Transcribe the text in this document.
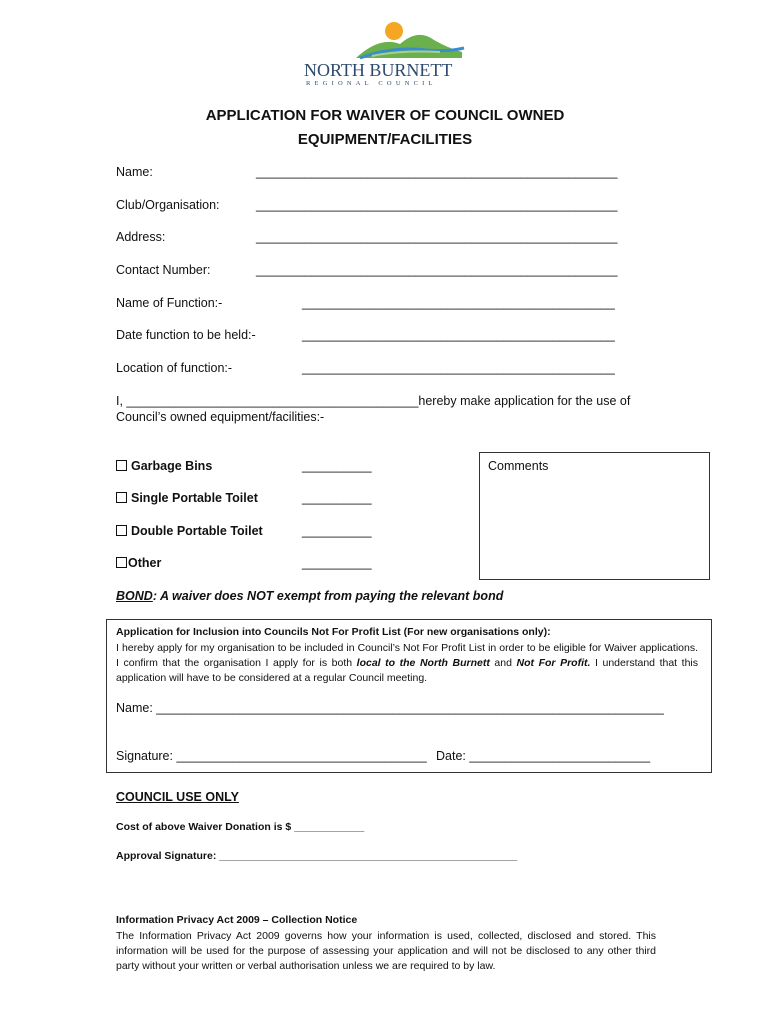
NORTH BURNETT
REGIONAL COUNCIL
APPLICATION FOR WAIVER OF COUNCIL OWNED
EQUIPMENT/FACILITIES
Name:	____________________________________________________
Club/Organisation:	____________________________________________________
Address:	____________________________________________________
Contact Number:	____________________________________________________
Name of Function:-	_____________________________________________
Date function to be held:-	_____________________________________________
Location of function:-	_____________________________________________
I, __________________________________________hereby make application for the use of
Council’s owned equipment/facilities:-
Garbage Bins	__________
Single Portable Toilet	__________
Double Portable Toilet	__________
Other	__________
Comments
BOND: A waiver does NOT exempt from paying the relevant bond
Application for Inclusion into Councils Not For Profit List (For new organisations only):
I hereby apply for my organisation to be included in Council’s Not For Profit List in order to be eligible for Waiver applications. I confirm that the organisation I apply for is both local to the North Burnett and Not For Profit. I understand that this application will have to be considered at a regular Council meeting.
Name: _________________________________________________________________________
Signature: ____________________________________ Date: __________________________
COUNCIL USE ONLY
Cost of above Waiver Donation is $ ____________
Approval Signature: ___________________________________________________
Information Privacy Act 2009 – Collection Notice
The Information Privacy Act 2009 governs how your information is used, collected, disclosed and stored. This information will be used for the purpose of assessing your application and will not be disclosed to any other third party without your written or verbal authorisation unless we are required to by law.
